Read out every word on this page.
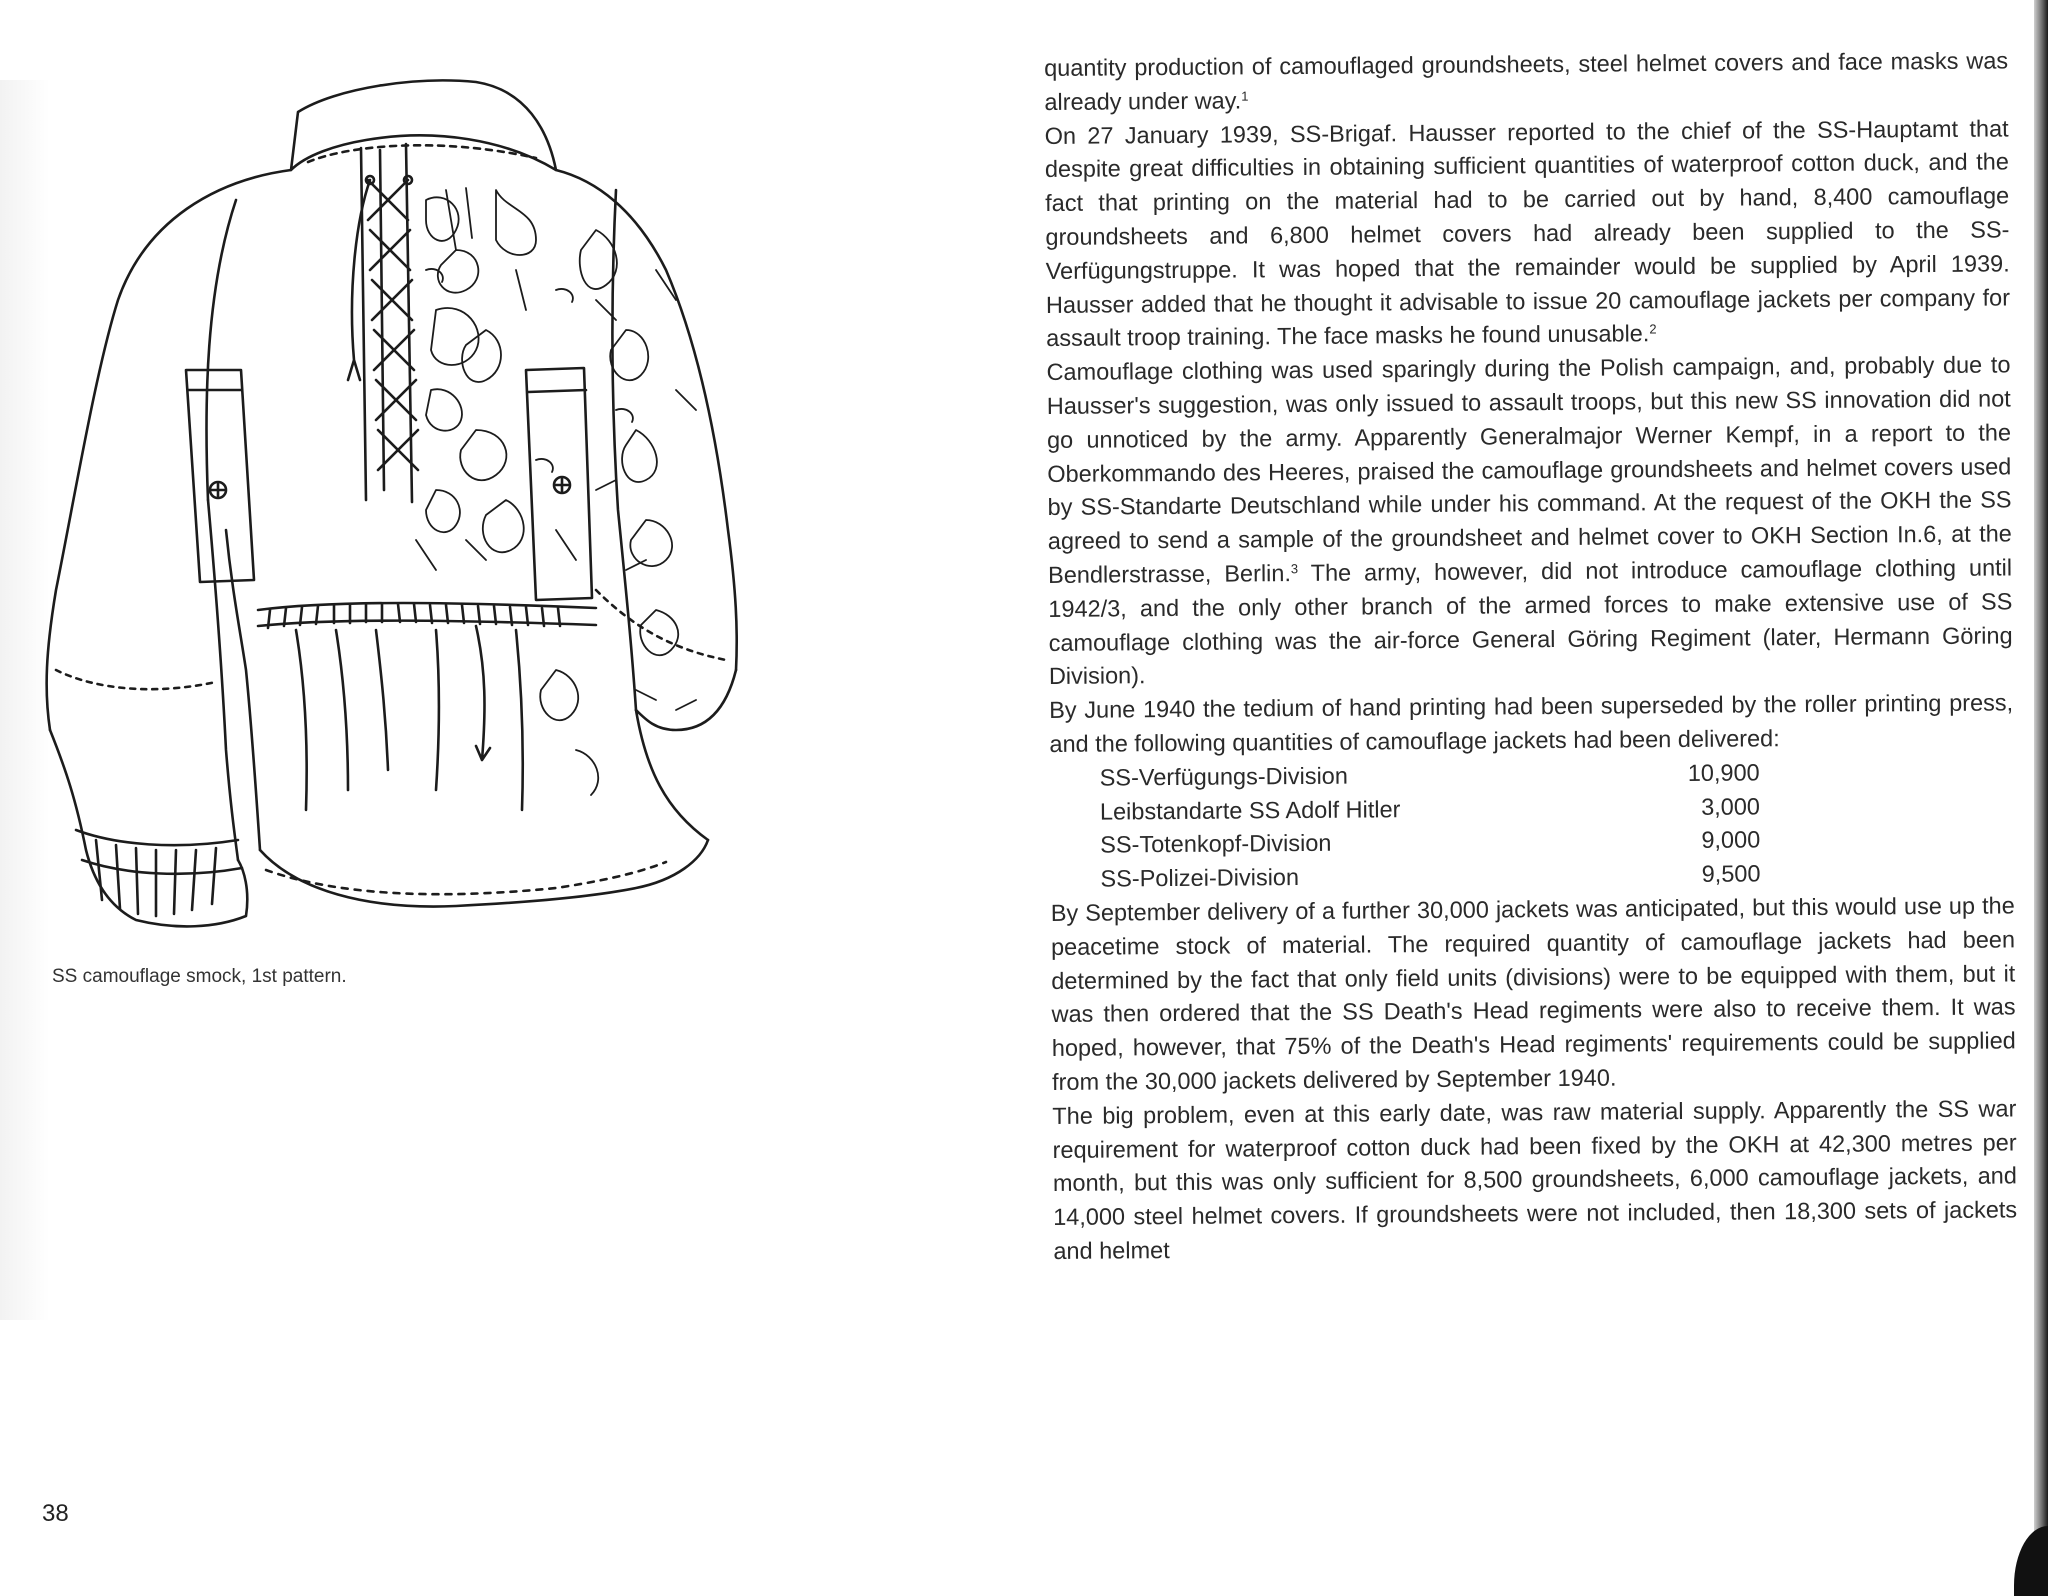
SS camouflage smock, 1st pattern.
38

quantity production of camouflaged groundsheets, steel helmet covers and face masks was already under way.$^1$

On 27 January 1939, SS-Brigaf. Hausser reported to the chief of the SS-Hauptamt that despite great difficulties in obtaining sufficient quantities of waterproof cotton duck, and the fact that printing on the material had to be carried out by hand, 8,400 camouflage groundsheets and 6,800 helmet covers had already been supplied to the SS-Verfügungstruppe. It was hoped that the remainder would be supplied by April 1939. Hausser added that he thought it advisable to issue 20 camouflage jackets per company for assault troop training. The face masks he found unusable.$^2$

Camouflage clothing was used sparingly during the Polish campaign, and, probably due to Hausser's suggestion, was only issued to assault troops, but this new SS innovation did not go unnoticed by the army. Apparently Generalmajor Werner Kempf, in a report to the Oberkommando des Heeres, praised the camouflage groundsheets and helmet covers used by SS-Standarte Deutschland while under his command. At the request of the OKH the SS agreed to send a sample of the groundsheet and helmet cover to OKH Section In.6, at the Bendlerstrasse, Berlin.$^3$ The army, however, did not introduce camouflage clothing until 1942/3, and the only other branch of the armed forces to make extensive use of SS camouflage clothing was the air-force General Göring Regiment (later, Hermann Göring Division).

By June 1940 the tedium of hand printing had been superseded by the roller printing press, and the following quantities of camouflage jackets had been delivered:

SS-Verfügungs-Division	10,900
Leibstandarte SS Adolf Hitler	3,000
SS-Totenkopf-Division	9,000
SS-Polizei-Division	9,500

By September delivery of a further 30,000 jackets was anticipated, but this would use up the peacetime stock of material. The required quantity of camouflage jackets had been determined by the fact that only field units (divisions) were to be equipped with them, but it was then ordered that the SS Death's Head regiments were also to receive them. It was hoped, however, that 75% of the Death's Head regiments' requirements could be supplied from the 30,000 jackets delivered by September 1940.

The big problem, even at this early date, was raw material supply. Apparently the SS war requirement for waterproof cotton duck had been fixed by the OKH at 42,300 metres per month, but this was only sufficient for 8,500 groundsheets, 6,000 camouflage jackets, and 14,000 steel helmet covers. If groundsheets were not included, then 18,300 sets of jackets and helmet
